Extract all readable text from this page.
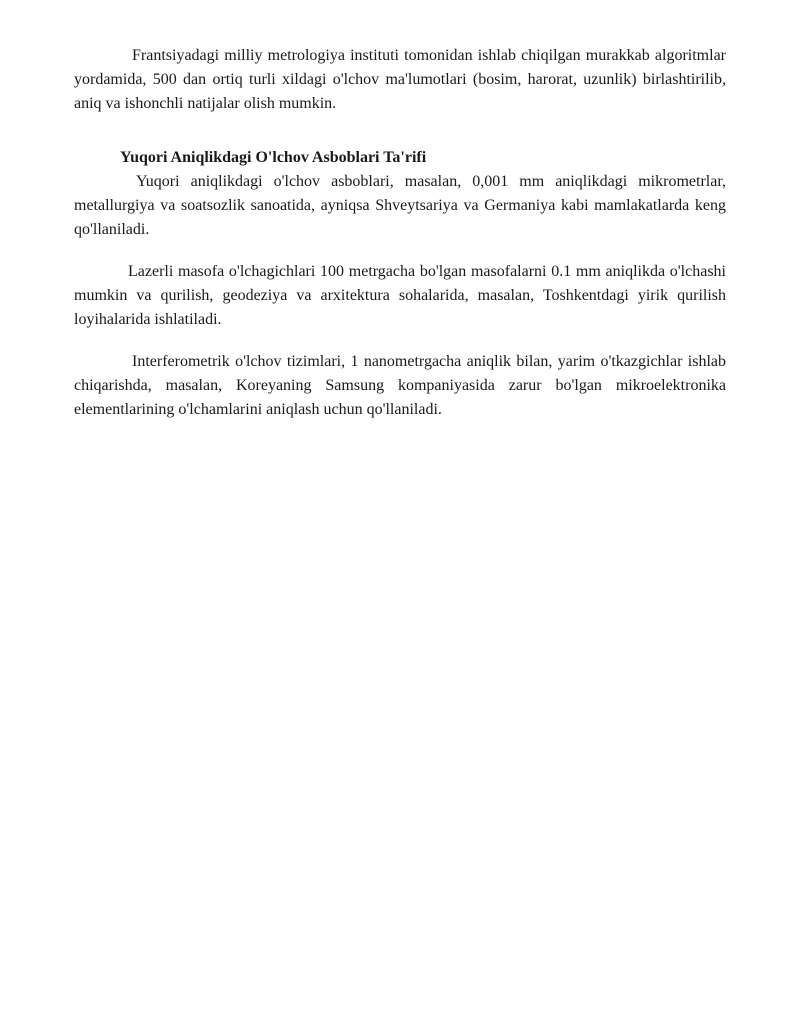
Frantsiyadagi milliy metrologiya instituti tomonidan ishlab chiqilgan murakkab algoritmlar yordamida, 500 dan ortiq turli xildagi o'lchov ma'lumotlari (bosim, harorat, uzunlik) birlashtirilib, aniq va ishonchli natijalar olish mumkin.

Yuqori Aniqlikdagi O'lchov Asboblari Ta'rifi

Yuqori aniqlikdagi o'lchov asboblari, masalan, 0,001 mm aniqlikdagi mikrometrlar, metallurgiya va soatsozlik sanoatida, ayniqsa Shveytsariya va Germaniya kabi mamlakatlarda keng qo'llaniladi.

Lazerli masofa o'lchagichlari 100 metrgacha bo'lgan masofalarni 0.1 mm aniqlikda o'lchashi mumkin va qurilish, geodeziya va arxitektura sohalarida, masalan, Toshkentdagi yirik qurilish loyihalarida ishlatiladi.

Interferometrik o'lchov tizimlari, 1 nanometrgacha aniqlik bilan, yarim o'tkazgichlar ishlab chiqarishda, masalan, Koreyaning Samsung kompaniyasida zarur bo'lgan mikroelektronika elementlarining o'lchamlarini aniqlash uchun qo'llaniladi.
